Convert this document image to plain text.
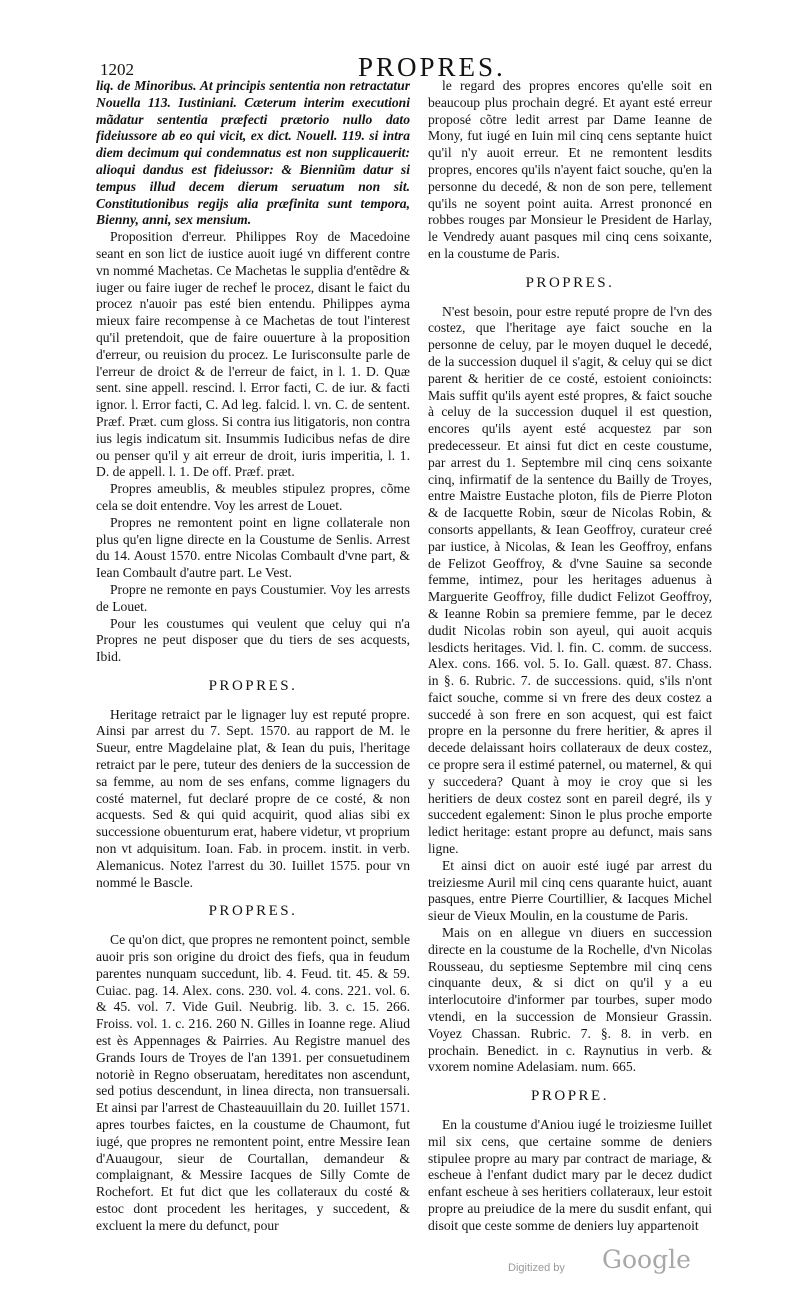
1202	PROPRES.

liq. de Minoribus. At principis sententia non retractatur Nouella 113. Iustiniani. Cæterum interim executioni mãdatur sententia præfecti prætorio nullo dato fideiussore ab eo qui vicit, ex dict. Nouell. 119. si intra diem decimum qui condemnatus est non supplicauerit: alioqui dandus est fideiussor: & Bienniũm datur si tempus illud decem dierum seruatum non sit. Constitutionibus regijs alia præfinita sunt tempora, Bienny, anni, sex mensium.

Proposition d'erreur. Philippes Roy de Macedoine seant en son lict de iustice auoit iugé vn different contre vn nommé Machetas. Ce Machetas le supplia d'entẽdre & iuger ou faire iuger de rechef le procez, disant le faict du procez n'auoir pas esté bien entendu. Philippes ayma mieux faire recompense à ce Machetas de tout l'interest qu'il pretendoit, que de faire ouuerture à la proposition d'erreur, ou reuision du procez. Le Iurisconsulte parle de l'erreur de droict & de l'erreur de faict, in l. 1. D. Quæ sent. sine appell. rescind. l. Error facti, C. de iur. & facti ignor. l. Error facti, C. Ad leg. falcid. l. vn. C. de sentent. Præf. Præt. cum gloss. Si contra ius litigatoris, non contra ius legis indicatum sit. Insummis Iudicibus nefas de dire ou penser qu'il y ait erreur de droit, iuris imperitia, l. 1. D. de appell. l. 1. De off. Præf. præt.

Propres ameublis, & meubles stipulez propres, cõme cela se doit entendre. Voy les arrest de Louet.

Propres ne remontent point en ligne collaterale non plus qu'en ligne directe en la Coustume de Senlis. Arrest du 14. Aoust 1570. entre Nicolas Combault d'vne part, & Iean Combault d'autre part. Le Vest.

Propre ne remonte en pays Coustumier. Voy les arrests de Louet.

Pour les coustumes qui veulent que celuy qui n'a Propres ne peut disposer que du tiers de ses acquests, Ibid.

PROPRES.

Heritage retraict par le lignager luy est reputé propre. Ainsi par arrest du 7. Sept. 1570. au rapport de M. le Sueur, entre Magdelaine plat, & Iean du puis, l'heritage retraict par le pere, tuteur des deniers de la succession de sa femme, au nom de ses enfans, comme lignagers du costé maternel, fut declaré propre de ce costé, & non acquests. Sed & qui quid acquirit, quod alias sibi ex successione obuenturum erat, habere videtur, vt proprium non vt adquisitum. Ioan. Fab. in procem. instit. in verb. Alemanicus. Notez l'arrest du 30. Iuillet 1575. pour vn nommé le Bascle.

PROPRES.

Ce qu'on dict, que propres ne remontent poinct, semble auoir pris son origine du droict des fiefs, qua in feudum parentes nunquam succedunt, lib. 4. Feud. tit. 45. & 59. Cuiac. pag. 14. Alex. cons. 230. vol. 4. cons. 221. vol. 6. & 45. vol. 7. Vide Guil. Neubrig. lib. 3. c. 15. 266. Froiss. vol. 1. c. 216. 260 N. Gilles in Ioanne rege. Aliud est ès Appennages & Pairries. Au Registre manuel des Grands Iours de Troyes de l'an 1391. per consuetudinem notoriè in Regno obseruatam, hereditates non ascendunt, sed potius descendunt, in linea directa, non transuersali. Et ainsi par l'arrest de Chasteauuillain du 20. Iuillet 1571. apres tourbes faictes, en la coustume de Chaumont, fut iugé, que propres ne remontent point, entre Messire Iean d'Auaugour, sieur de Courtallan, demandeur & complaignant, & Messire Iacques de Silly Comte de Rochefort. Et fut dict que les collateraux du costé & estoc dont procedent les heritages, y succedent, & excluent la mere du defunct, pour

le regard des propres encores qu'elle soit en beaucoup plus prochain degré. Et ayant esté erreur proposé cõtre ledit arrest par Dame Ieanne de Mony, fut iugé en Iuin mil cinq cens septante huict qu'il n'y auoit erreur. Et ne remontent lesdits propres, encores qu'ils n'ayent faict souche, qu'en la personne du decedé, & non de son pere, tellement qu'ils ne soyent point auita. Arrest prononcé en robbes rouges par Monsieur le President de Harlay, le Vendredy auant pasques mil cinq cens soixante, en la coustume de Paris.

PROPRES.

N'est besoin, pour estre reputé propre de l'vn des costez, que l'heritage aye faict souche en la personne de celuy, par le moyen duquel le decedé, de la succession duquel il s'agit, & celuy qui se dict parent & heritier de ce costé, estoient conioincts: Mais suffit qu'ils ayent esté propres, & faict souche à celuy de la succession duquel il est question, encores qu'ils ayent esté acquestez par son predecesseur. Et ainsi fut dict en ceste coustume, par arrest du 1. Septembre mil cinq cens soixante cinq, infirmatif de la sentence du Bailly de Troyes, entre Maistre Eustache ploton, fils de Pierre Ploton & de Iacquette Robin, sœur de Nicolas Robin, & consorts appellants, & Iean Geoffroy, curateur creé par iustice, à Nicolas, & Iean les Geoffroy, enfans de Felizot Geoffroy, & d'vne Sauine sa seconde femme, intimez, pour les heritages aduenus à Marguerite Geoffroy, fille dudict Felizot Geoffroy, & Ieanne Robin sa premiere femme, par le decez dudit Nicolas robin son ayeul, qui auoit acquis lesdicts heritages. Vid. l. fin. C. comm. de success. Alex. cons. 166. vol. 5. Io. Gall. quæst. 87. Chass. in §. 6. Rubric. 7. de successions. quid, s'ils n'ont faict souche, comme si vn frere des deux costez a succedé à son frere en son acquest, qui est faict propre en la personne du frere heritier, & apres il decede delaissant hoirs collateraux de deux costez, ce propre sera il estimé paternel, ou maternel, & qui y succedera? Quant à moy ie croy que si les heritiers de deux costez sont en pareil degré, ils y succedent egalement: Sinon le plus proche emporte ledict heritage: estant propre au defunct, mais sans ligne.

Et ainsi dict on auoir esté iugé par arrest du treiziesme Auril mil cinq cens quarante huict, auant pasques, entre Pierre Courtillier, & Iacques Michel sieur de Vieux Moulin, en la coustume de Paris.

Mais on en allegue vn diuers en succession directe en la coustume de la Rochelle, d'vn Nicolas Rousseau, du septiesme Septembre mil cinq cens cinquante deux, & si dict on qu'il y a eu interlocutoire d'informer par tourbes, super modo vtendi, en la succession de Monsieur Grassin. Voyez Chassan. Rubric. 7. §. 8. in verb. en prochain. Benedict. in c. Raynutius in verb. & vxorem nomine Adelasiam. num. 665.

PROPRE.

En la coustume d'Aniou iugé le troiziesme Iuillet mil six cens, que certaine somme de deniers stipulee propre au mary par contract de mariage, & escheue à l'enfant dudict mary par le decez dudict enfant escheue à ses heritiers collateraux, leur estoit propre au preiudice de la mere du susdit enfant, qui disoit que ceste somme de deniers luy appartenoit

Digitized by Google
